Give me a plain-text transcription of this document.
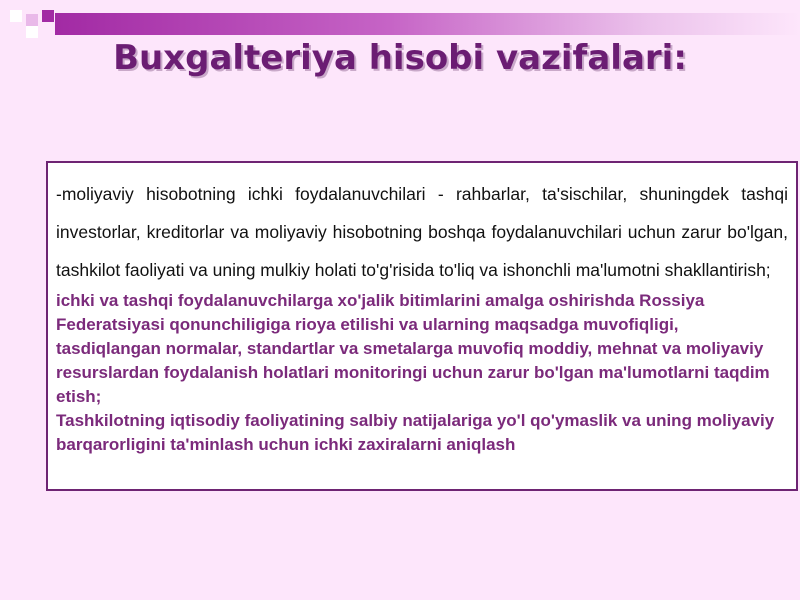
Buxgalteriya hisobi vazifalari:

-moliyaviy hisobotning ichki foydalanuvchilari - rahbarlar, ta'sischilar, shuningdek tashqi investorlar, kreditorlar va moliyaviy hisobotning boshqa foydalanuvchilari uchun zarur bo'lgan, tashkilot faoliyati va uning mulkiy holati to'g'risida to'liq va ishonchli ma'lumotni shakllantirish;

ichki va tashqi foydalanuvchilarga xo'jalik bitimlarini amalga oshirishda Rossiya Federatsiyasi qonunchiligiga rioya etilishi va ularning maqsadga muvofiqligi, tasdiqlangan normalar, standartlar va smetalarga muvofiq moddiy, mehnat va moliyaviy resurslardan foydalanish holatlari monitoringi uchun zarur bo'lgan ma'lumotlarni taqdim etish;

Tashkilotning iqtisodiy faoliyatining salbiy natijalariga yo'l qo'ymaslik va uning moliyaviy barqarorligini ta'minlash uchun ichki zaxiralarni aniqlash
